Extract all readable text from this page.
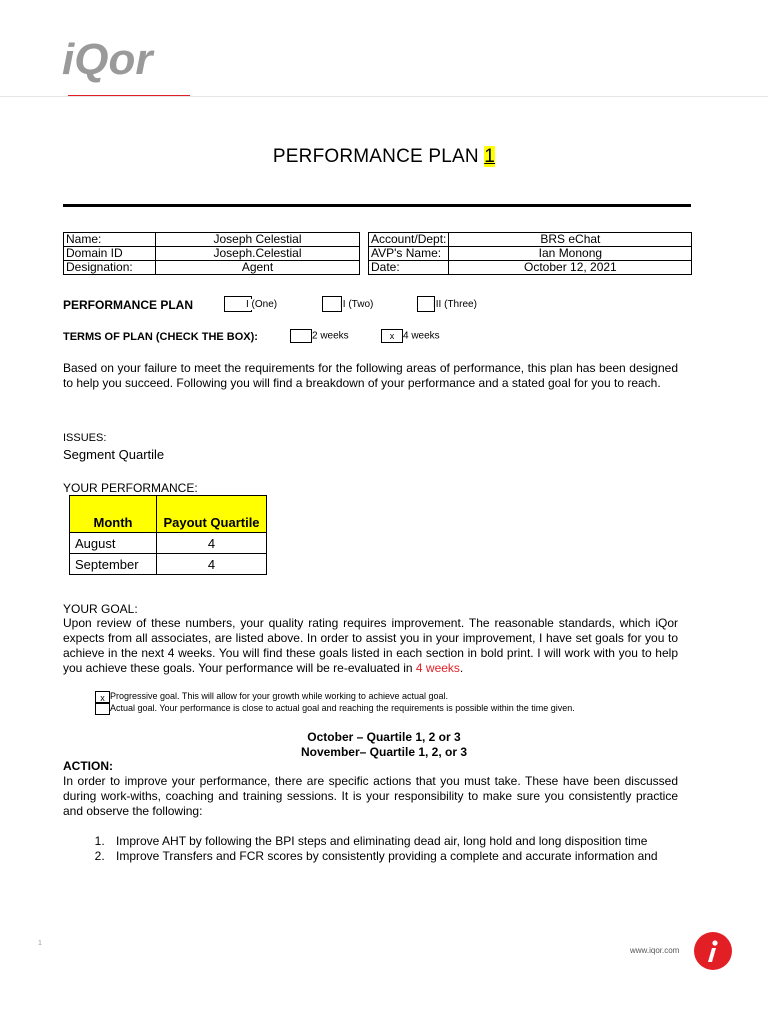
iQor
PERFORMANCE PLAN 1
Name:	Joseph Celestial
Domain ID	Joseph.Celestial
Designation:	Agent
Account/Dept:	BRS eChat
AVP's Name:	Ian Monong
Date:	October 12, 2021
PERFORMANCE PLAN	I (One)	II (Two)	III (Three)
TERMS OF PLAN (CHECK THE BOX):	2 weeks	x 4 weeks
Based on your failure to meet the requirements for the following areas of performance, this plan has been designed to help you succeed. Following you will find a breakdown of your performance and a stated goal for you to reach.
ISSUES:
Segment Quartile
YOUR PERFORMANCE:
Month	Payout Quartile
August	4
September	4
YOUR GOAL:
Upon review of these numbers, your quality rating requires improvement. The reasonable standards, which iQor expects from all associates, are listed above. In order to assist you in your improvement, I have set goals for you to achieve in the next 4 weeks. You will find these goals listed in each section in bold print. I will work with you to help you achieve these goals. Your performance will be re-evaluated in 4 weeks.
x Progressive goal. This will allow for your growth while working to achieve actual goal.
Actual goal. Your performance is close to actual goal and reaching the requirements is possible within the time given.
October – Quartile 1, 2 or 3
November– Quartile 1, 2, or 3
ACTION:
In order to improve your performance, there are specific actions that you must take. These have been discussed during work-withs, coaching and training sessions. It is your responsibility to make sure you consistently practice and observe the following:
1. Improve AHT by following the BPI steps and eliminating dead air, long hold and long disposition time
2. Improve Transfers and FCR scores by consistently providing a complete and accurate information and
1
www.iqor.com
